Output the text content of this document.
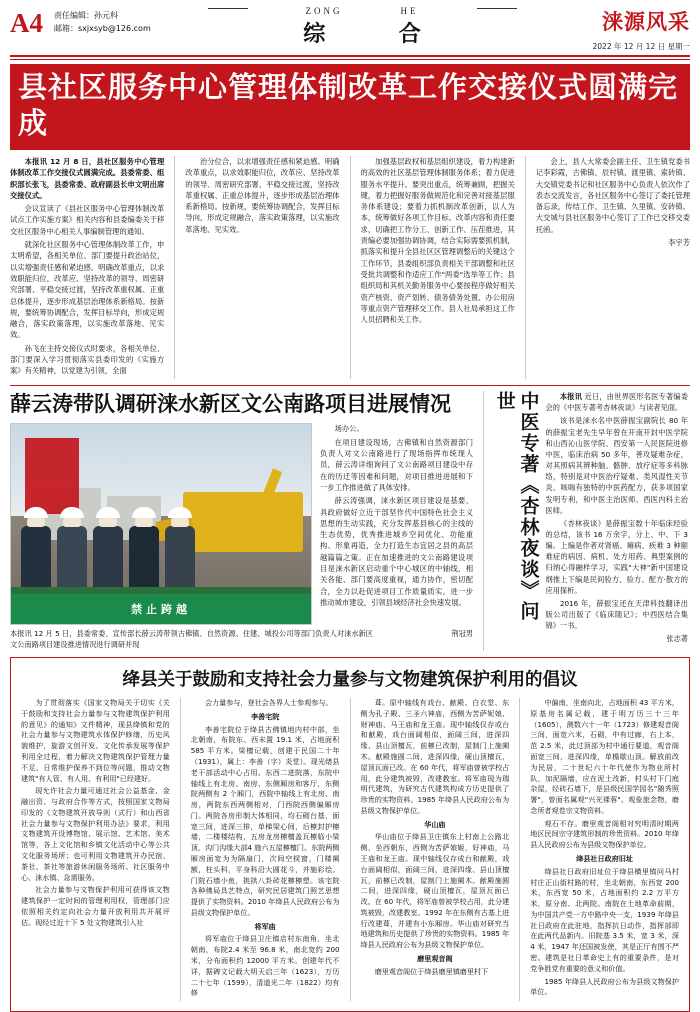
A4	责任编辑：孙元科
邮箱：sxjxsyb@126.com
ZONG	HE
综 合	涞源风采
2022 年 12 月 12 日 星期一
县社区服务中心管理体制改革工作交接仪式圆满完成

本报讯 12 月 8 日，县社区服务中心管理体制改革工作交接仪式圆满完成。县委常委、组织部长张飞，县委常委、政府副县长申文明出席交接仪式。

会议宣读了《县社区服务中心管理体制改革试点工作实施方案》相关内容和县委编委关于移交社区服务中心相关人事编制管理的通知。

就深化社区服务中心管理体制改革工作，申太明希望，各相关单位、部门要提升政治站位，以实增强责任感和紧迫感。明确改革重点，以求效职能归位，改革应、坚持改革的领导、周密研究部署、平稳交接过渡，坚持改革重权属、正重总体提升，逐步形成基层治理体系新格局。按新规，要统筹协调配合，发挥目标导向，形成定规融合，落实政策落理，以实施改革落地、见实效。

孙飞在主持交接仪式时要求，各相关单位、部门要深入学习贯彻落实县委印发的《实施方案》有关精神，以党建为引领，全面

治分位合，以求增强责任感和紧迫感。明确改革重点，以求效职能归位，改革应、坚持改革的领导、周密研究部署、平稳交接过渡，坚持改革重权属、正重总体提升，逐步形成基层治理体系新格局。按新规，要统筹协调配合，发挥目标导向，形成定规融合，落实政策落理，以实施改革落地、见实效。

加强基层政权和基层组织建设，着力构建新的高效的社区基层管理体制服务体系；着力促进服务水平提升。要突出重点，统筹兼顾，把握关键，着力把握好服务做规范化和完善对接基层服务体系建设；要着力抓机制改革创新，以人为本，统筹做好各项工作目标、改革内容和责任要求，切确把工作分工、创新工作、压茬推进，其责编必要加强协调协调，结合实际需要抓机制，抓落实和提升全县社区区管理调整后的关键这个工作环节，县委组织部负责相关干部调整和社区受批共调整和作适应工作"两委"选举等工作；县组织局和其机关勤务服务中心要按程序做好相关资产核资、资产划转、债务债务处置、办公用房等重点资产管理移交工作。县人社局承担这工作人员招聘和关工作。

会上，县人大常委会副主任、卫生镇党委书记李彩霞，古佛镇、辰村镇、渡里镇、索砖镇、大交镇党委书记和社区服务中心负责人依次作了表态交流发言，各社区服务中心签订了委托管理备忘录，传结工作、卫生镇、久里镇、安砖镇、大交城与县社区服务中心签订了工作已交移交委托函。

李宇芳
薛云涛带队调研涞水新区文公南路项目进展情况
禁止跨越

场办公。

在项目建设现场，古佛镇和自然资源部门负责人对文公南路进行了现场指挥布统现人员，薛云涛详细询问了文公南路项目建设中存在的历迁等因难和问题，对项目推进进展和下一步工作推进做了具体安排。

薛云涛强调，涞水新区项目建设是基要、具政府做好立近干部坚作代中国特色社会主义思想的生动实践，充分发挥基县核心的主线的生态优势，优秀推进城乡空间优化、功能重构、形象再造，全力打造生态宜居之县的高层越篇篇之策。正在加速推进的文公南路建设项目是涞水新区启动重个中心城区的中轴线，相关各能、部门要高度重视，通力协作，密切配合，全力以赴促进项目工作质量质实，进一步推动城市建设，引领县域经济社会快速发展。

本报讯 12 月 5 日，县委常委、宣传部长薛云涛带领古佛镇、自然资源、住建、城投公司等部门负责人对涞水新区文公南路项目建设推进情况进行调研并现
荆冠男
中医专著《杏林夜谈》问世	本报讯 近日，由世界医形名医专著编委会的《中医专著考杏林夜谈》与读者见面。

该书是涞水名中医薛振宝副院长 80 年的薛振宝老先生早年曾在开南开封中医学院和山西沁山医学院、西安第一人民医院进修中医，临床治病 50 多年，善攻疑难杂症，对其照病其辨种脑、骼肿、放疗症等多科脉络，特别是对中医治疗疑难、类风湿性关节炎、咳喘有独特的中医药配方，获多项国家发明专利，和中医主治医师、西医内科主治医师。

《杏林夜谈》是薛振宝数十年临床经验的总结，该书 16 万余字，分上、中、下 3 编。上编是作者对肾癌、瘫病、疾难 3 种颐难症的病因、病机、处方用药、典型案例的归纳心得融样学习，实践"大神"新中国建设纲推上下编是民间验方、验方、配方·散方的应用探析。

2016 年，薛振宝还在天津科技翻译出版公司出版了《临床随记》；中西医结合集锦》一书。

张志著
绛县关于鼓励和支持社会力量参与文物建筑保护利用的倡议

为了贯彻落实《国家文物局关于切实《关于鼓励和支持社会力量参与文物建筑保护利用的意见》的通知》文件精神，现县绛镇和党的社会力量参与文物建筑水体保护修缮，历史风貌维护，旋游文创开发、文化传承发展等保护利用全过程，着力解决文物建筑保护管理力量不足、日常维护保养不到位等问题，推动文物建筑"有人管、有人用、有利用"已经建好。

现允许社会力量可通过社会公益基金、金融出资、与政府合作等方式，按照国家文物局印发的《文物建筑开放导则（式行）和山西省社会力量参与文物保护利用办法》要求，利用文物建筑开设博物馆、展示馆、艺术馆、美术馆等，各上文化馆和乡镇文化活动中心等公共文化服务场所；也可利用文物建筑开办民宿、茶社、茶社等旅游休闲服务场所。社区服务中心、涞水镇、急需服务。

社会力量参与文物保护利用可获得该文物建筑保护一定时间的管理利用权，管理部门应依照相关约定向社会力量开放利用共开展评估。现经过近十下 5 处文物建筑引入社

会力量参与，登社会各界人士参观参与。

李善宅院

李善宅院位于绛县古佛镇地内村中部，坐北朝南，布院东、西末置 19.1 米，占地面积 585 平方米。梁檀记载，创建于民国二十年（1931），属上：李善（字）炎堂）。现光绪县老干部活动中心占用。东西二进院落，东院中轴线上有北房、南房、东侧厢房和客厅，东侧院两侧有 2 个厢门，西院中轴线上有北房、南房，两院东西两侧相对，门西院西侧偏厢房门。两院各房形制大体相同，均石砌台基，面宽三间，进深三排，单梯梁心间，后檩封护檩墙，二楼楼结构，五房龙房檩檀盖瓦檩临小梁顶，沟门沟缘大部4 施六五屋檩檀门。东院两侧厢房面宽为为隔扇门，次间空棂窗，门楼阑额，柱头科，平身科沿大圆花斗，并施彩绘。门院石墙小鱼，挑拱八卦砖花檩檩塑。该宅院各种佛局具艺特点，研究民居建筑门照艺思想提供了实物资料。2010 年绛县人民政府公布为县级文物保护单位。

将军庙

将军庙位于绛县卫庄镇店村东南角，坐北朝南，布院2.4 米至 96.8 米，南北宽约 200 米，分布面积约 12000 平方米。创建年代不详，据碑文记载大明天启三年（1623），万历二十七年（1599），清道光二年（1822）均有修

葺。原中轴线有戏台、献殿、白衣堂、东侧为孔子殿、三圣六神庙，西侧为苦萨妮娘、财神庙、马王庙和龙王庙。现中轴线仅存或台和献殿，戏台面阔相似，面阔三间，进深四缘、县山顶檀瓦，前檩已改制，屋制门上施阑木。献殿施圆二间，进深四缘，硬山顶檀瓦，屋顶瓦面已改。在 60 年代，将军庙曾被学校占用，此分建筑被毁，改建教室。将军庙现为瑞明代建筑，为研究古代建筑构成方历史提供了珍贵的实物资料。1985 年绛县人民政府公布为县级文物保护单位。

华山庙

华山庙位于绛县卫庄镇东上村南上公路北侧，坐西朝东，西侧为苦萨娘姬，好神庙，马王庙和龙王庙。现中轴线仅存成台和献殿，戏台面阔相似，面阔三间，进深四缘、县山顶檀瓦，前檩已改制，屋制门上施阑木。献殿施圆二间，进深四缘，硬山顶檀瓦，屋顶瓦面已改。在 60 年代，将军庙曾被学校占用，此分建筑被毁，改建教室。1992 年在东侧有古基上进行改建葺，并建有小东厢房。华山庙对研究当地建筑和历史提供了珍贵的实物资料。1985 年绛县人民政府公布为县级文物保护单位。

磨里观音阁

磨里观音阁位于绛县磨里镇磨里村下

中偏南，坐南向北，占地面积 43 平方米，原基房名属记载，建于明万历三十三年（1605），测数六十一年（1723）修建观音阁三间，面宽六米，石砌，中有过廊，右上本，范 2.5 米，此过顶部为村中通行要道，观音阁面宽三间，进深四缘，单檐歇山顶。解放前改为民居，二十世纪六十年代使作为物业所村队，加泥隔墙，应在泥土改新，村头村下门庭杂屋，经砖石墙下，是县级民国学园名"随秀照署"，曾面名属观"兴光裸蓉"。观象旅念物，磨念所者观卷宗文物资料。

观石不存。磨里观音阁相对究明清时期两地区民间宗守建筑形制的珍贵资料。2010 年绛县人民政府公布为县级文物保护单位。

绛县社日政府旧址

绛县社日政府旧址位于绛县横里镇问马村村庄正山街村路的村，坐北朝南，东西宽 200 米，东西宽 50 米，占地面积约 2.2 万平方米，原分南、北两院。南院在土地革命前期，为中国共产党一方中路中央一支，1939 年绛县社日政府在此驻地，指挥抗日动作，指挥部即在此两代品新内。旧院基 3.5 米，宽 3 米，深 4 米，1947 年还国被发使，其是正厅有围不严密。建筑是社日革命史上有的重要条件，是对党争胜党有重要的意义和价值。

1985 年绛县人民政府公布为县级文物保护单位。
